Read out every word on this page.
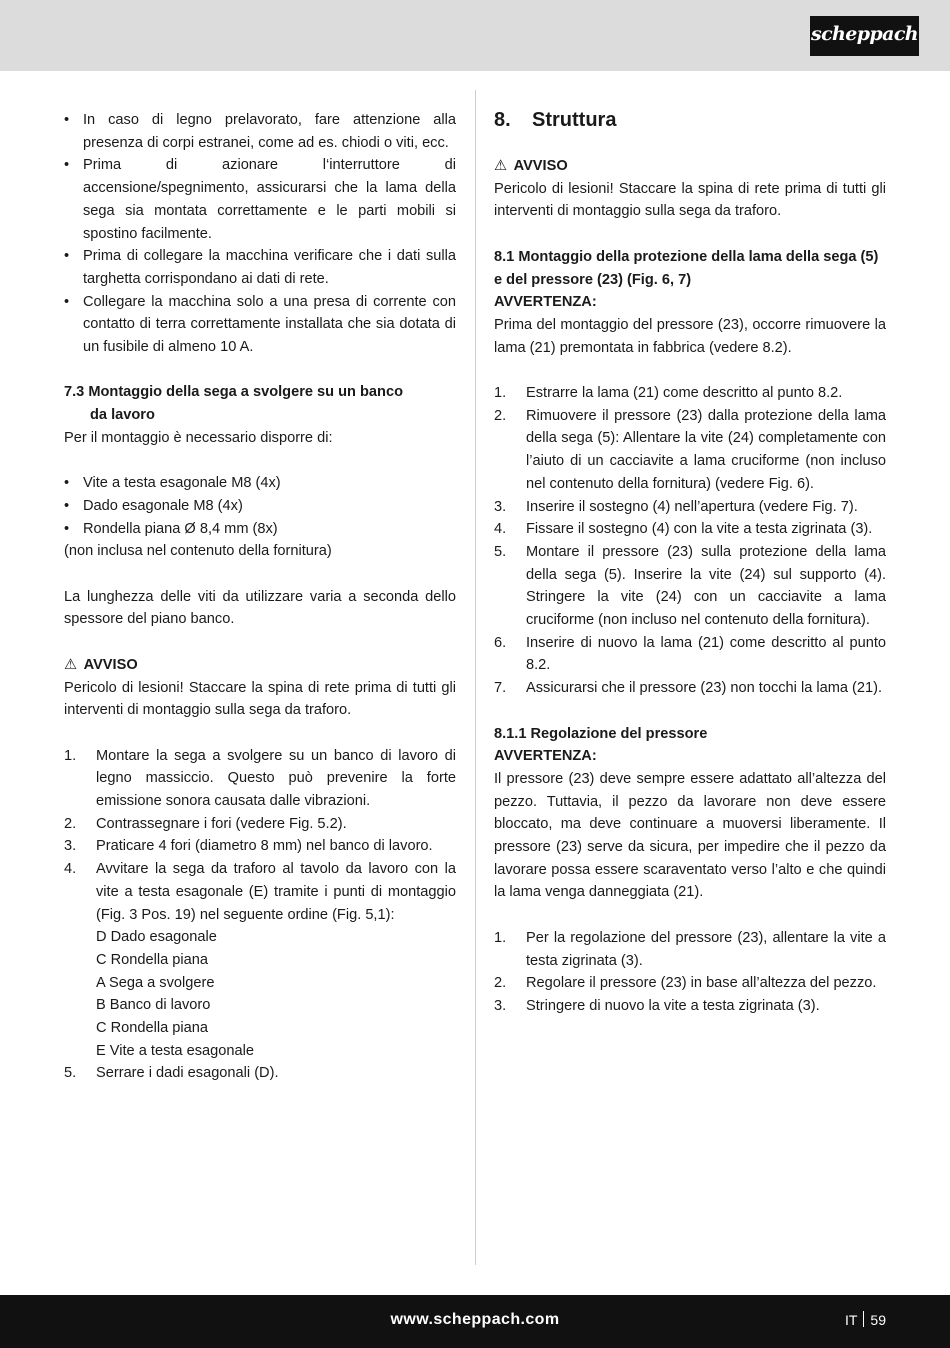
scheppach
• In caso di legno prelavorato, fare attenzione alla presenza di corpi estranei, come ad es. chiodi o viti, ecc.
• Prima di azionare l‘interruttore di accensione/spegnimento, assicurarsi che la lama della sega sia montata correttamente e le parti mobili si spostino facilmente.
• Prima di collegare la macchina verificare che i dati sulla targhetta corrispondano ai dati di rete.
• Collegare la macchina solo a una presa di corrente con contatto di terra correttamente installata che sia dotata di un fusibile di almeno 10 A.
7.3 Montaggio della sega a svolgere su un banco
da lavoro

Per il montaggio è necessario disporre di:

• Vite a testa esagonale M8 (4x)
• Dado esagonale M8 (4x)
• Rondella piana Ø 8,4 mm (8x)

(non inclusa nel contenuto della fornitura)

La lunghezza delle viti da utilizzare varia a seconda dello spessore del piano banco.

⚠ AVVISO

Pericolo di lesioni! Staccare la spina di rete prima di tutti gli interventi di montaggio sulla sega da traforo.

1. Montare la sega a svolgere su un banco di lavoro di legno massiccio. Questo può prevenire la forte emissione sonora causata dalle vibrazioni.
2. Contrassegnare i fori (vedere Fig. 5.2).
3. Praticare 4 fori (diametro 8 mm) nel banco di lavoro.
4. Avvitare la sega da traforo al tavolo da lavoro con la vite a testa esagonale (E) tramite i punti di montaggio (Fig. 3 Pos. 19) nel seguente ordine (Fig. 5,1):
D Dado esagonale
C Rondella piana
A Sega a svolgere
B Banco di lavoro
C Rondella piana
E Vite a testa esagonale
5. Serrare i dadi esagonali (D).
8. Struttura
⚠ AVVISO

Pericolo di lesioni! Staccare la spina di rete prima di tutti gli interventi di montaggio sulla sega da traforo.

8.1 Montaggio della protezione della lama della sega (5) e del pressore (23) (Fig. 6, 7)
AVVERTENZA:

Prima del montaggio del pressore (23), occorre rimuovere la lama (21) premontata in fabbrica (vedere 8.2).

1. Estrarre la lama (21) come descritto al punto 8.2.
2. Rimuovere il pressore (23) dalla protezione della lama della sega (5): Allentare la vite (24) completamente con l’aiuto di un cacciavite a lama cruciforme (non incluso nel contenuto della fornitura) (vedere Fig. 6).
3. Inserire il sostegno (4) nell’apertura (vedere Fig. 7).
4. Fissare il sostegno (4) con la vite a testa zigrinata (3).
5. Montare il pressore (23) sulla protezione della lama della sega (5). Inserire la vite (24) sul supporto (4). Stringere la vite (24) con un cacciavite a lama cruciforme (non incluso nel contenuto della fornitura).
6. Inserire di nuovo la lama (21) come descritto al punto 8.2.
7. Assicurarsi che il pressore (23) non tocchi la lama (21).
8.1.1 Regolazione del pressore
AVVERTENZA:

Il pressore (23) deve sempre essere adattato all’altezza del pezzo. Tuttavia, il pezzo da lavorare non deve essere bloccato, ma deve continuare a muoversi liberamente. Il pressore (23) serve da sicura, per impedire che il pezzo da lavorare possa essere scaraventato verso l’alto e che quindi la lama venga danneggiata (21).

1. Per la regolazione del pressore (23), allentare la vite a testa zigrinata (3).
2. Regolare il pressore (23) in base all’altezza del pezzo.
3. Stringere di nuovo la vite a testa zigrinata (3).
www.scheppach.com	IT 59
